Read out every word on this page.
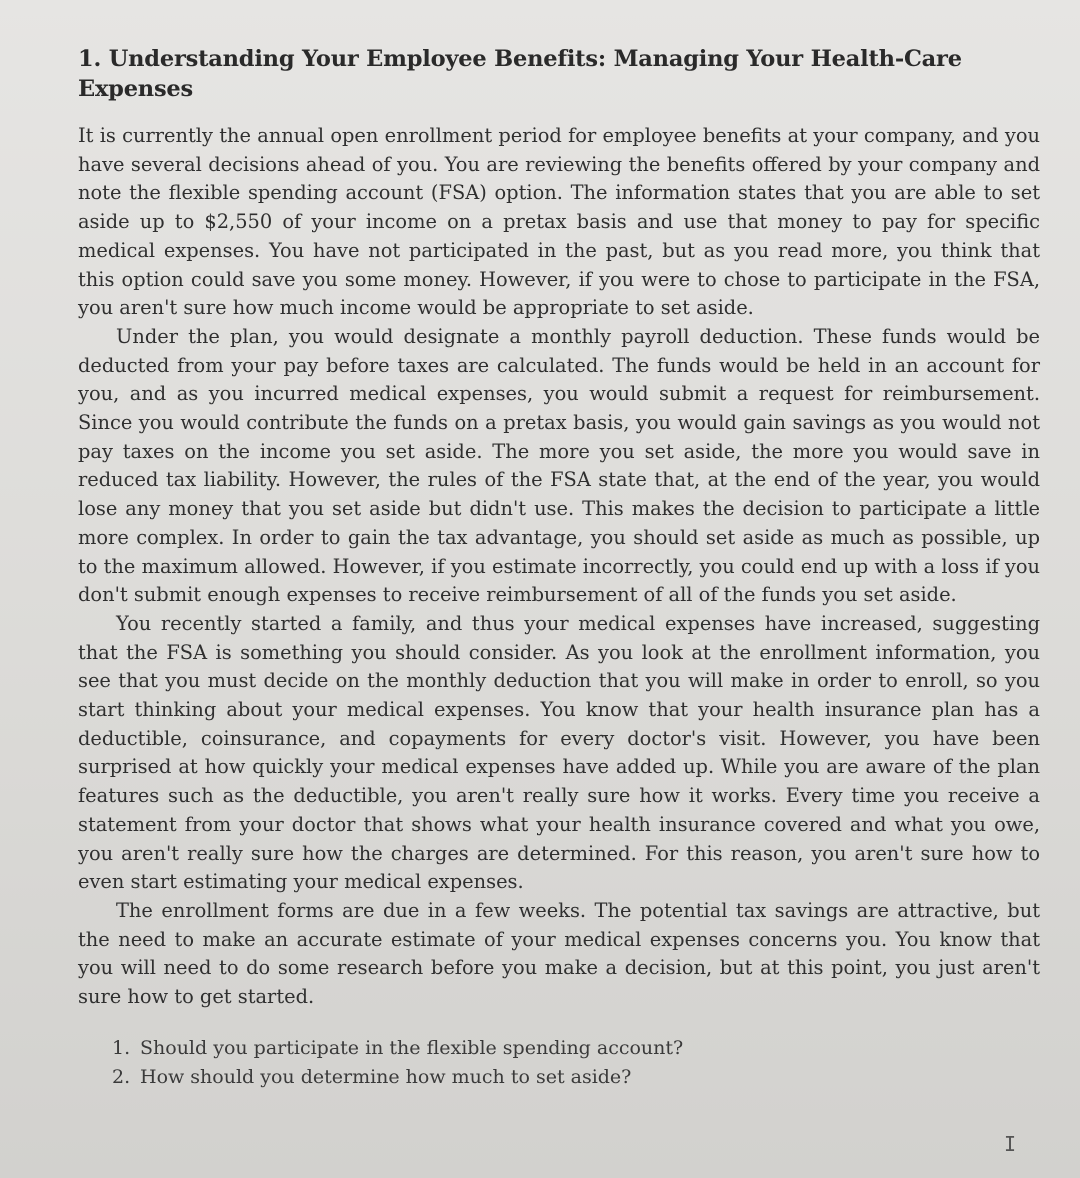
1. Understanding Your Employee Benefits: Managing Your Health-Care Expenses

It is currently the annual open enrollment period for employee benefits at your company, and you have several decisions ahead of you. You are reviewing the benefits offered by your company and note the flexible spending account (FSA) option. The information states that you are able to set aside up to $2,550 of your income on a pretax basis and use that money to pay for specific medical expenses. You have not participated in the past, but as you read more, you think that this option could save you some money. However, if you were to chose to participate in the FSA, you aren't sure how much income would be appropriate to set aside.

Under the plan, you would designate a monthly payroll deduction. These funds would be deducted from your pay before taxes are calculated. The funds would be held in an account for you, and as you incurred medical expenses, you would submit a request for reimbursement. Since you would contribute the funds on a pretax basis, you would gain savings as you would not pay taxes on the income you set aside. The more you set aside, the more you would save in reduced tax liability. However, the rules of the FSA state that, at the end of the year, you would lose any money that you set aside but didn't use. This makes the decision to participate a little more complex. In order to gain the tax advantage, you should set aside as much as possible, up to the maximum allowed. However, if you estimate incorrectly, you could end up with a loss if you don't submit enough expenses to receive reimbursement of all of the funds you set aside.

You recently started a family, and thus your medical expenses have increased, suggesting that the FSA is something you should consider. As you look at the enrollment information, you see that you must decide on the monthly deduction that you will make in order to enroll, so you start thinking about your medical expenses. You know that your health insurance plan has a deductible, coinsurance, and copayments for every doctor's visit. However, you have been surprised at how quickly your medical expenses have added up. While you are aware of the plan features such as the deductible, you aren't really sure how it works. Every time you receive a statement from your doctor that shows what your health insurance covered and what you owe, you aren't really sure how the charges are determined. For this reason, you aren't sure how to even start estimating your medical expenses.

The enrollment forms are due in a few weeks. The potential tax savings are attractive, but the need to make an accurate estimate of your medical expenses concerns you. You know that you will need to do some research before you make a decision, but at this point, you just aren't sure how to get started.

1. Should you participate in the flexible spending account?
2. How should you determine how much to set aside?
I
